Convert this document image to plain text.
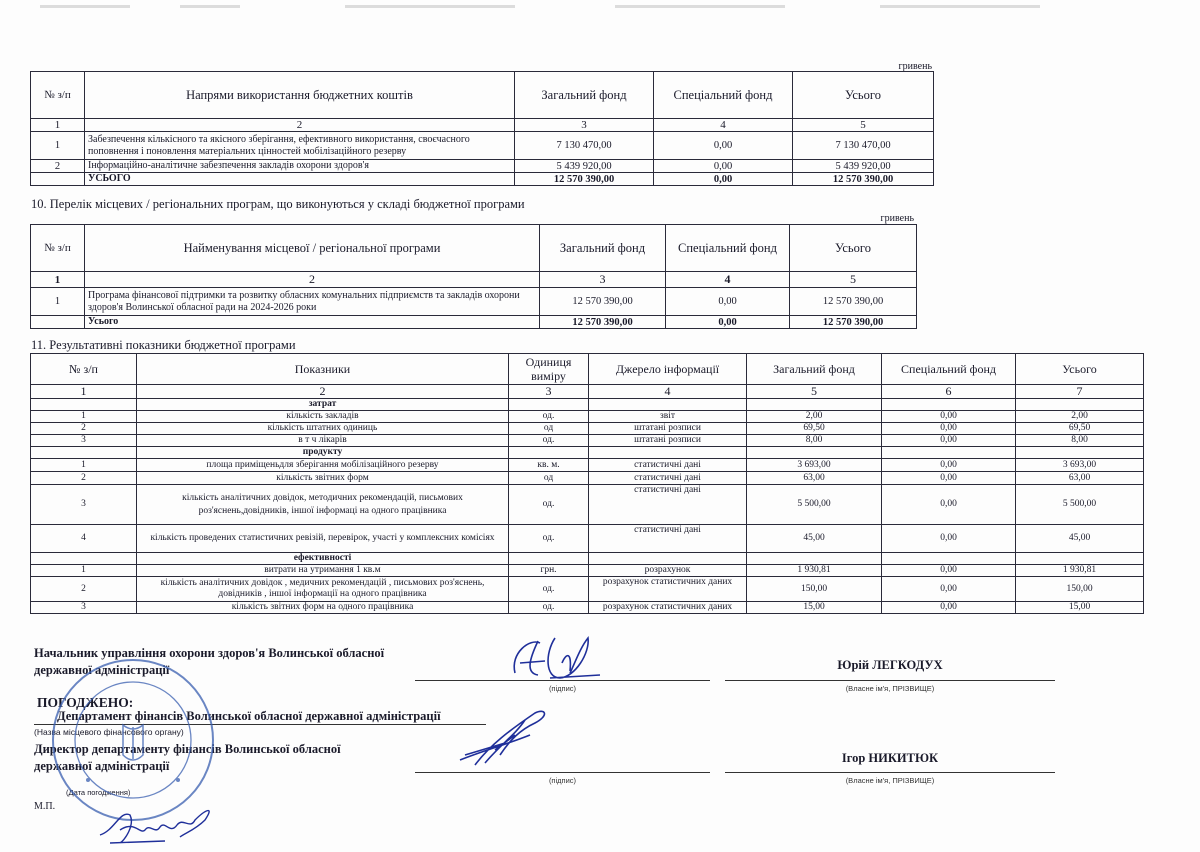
гривень
№ з/п	Напрями використання бюджетних коштів	Загальний фонд	Спеціальний фонд	Усього
1	2	3	4	5
1	Забезпечення кількісного та якісного зберігання, ефективного використання, своєчасного поповнення і поновлення матеріальних цінностей мобілізаційного резерву	7 130 470,00	0,00	7 130 470,00
2	Інформаційно-аналітичне забезпечення закладів охорони здоров'я	5 439 920,00	0,00	5 439 920,00
	УСЬОГО	12 570 390,00	0,00	12 570 390,00
10. Перелік місцевих / регіональних програм, що виконуються у складі бюджетної програми
гривень
№ з/п	Найменування місцевої / регіональної програми	Загальний фонд	Спеціальний фонд	Усього
1	2	3	4	5
1	Програма фінансової підтримки та розвитку обласних комунальних підприємств та закладів охорони здоров'я Волинської обласної ради на 2024-2026 роки	12 570 390,00	0,00	12 570 390,00
	Усього	12 570 390,00	0,00	12 570 390,00
11. Результативні показники бюджетної програми
№ з/п	Показники	Одиниця виміру	Джерело інформації	Загальний фонд	Спеціальний фонд	Усього
1	2	3	4	5	6	7
	затрат					
1	кількість закладів	од.	звіт	2,00	0,00	2,00
2	кількість штатних одиниць	од	штатані розписи	69,50	0,00	69,50
3	в т ч лікарів	од.	штатані розписи	8,00	0,00	8,00
	продукту					
1	площа приміщеньдля зберігання мобілізаційного резерву	кв. м.	статистичні дані	3 693,00	0,00	3 693,00
2	кількість звітних форм	од	статистичні дані	63,00	0,00	63,00
3	кількість аналітичних довідок, методичних рекомендацій, письмових роз'яснень,довідників, іншої інформаці на одного працівника	од.	статистичні дані	5 500,00	0,00	5 500,00
4	кількість проведених статистичних ревізій, перевірок, участі у комплексних комісіях	од.	статистичні дані	45,00	0,00	45,00
	ефективності					
1	витрати на утримання 1 кв.м	грн.	розрахунок	1 930,81	0,00	1 930,81
2	кількість аналітичних довідок , медичних рекомендацій , письмових роз'яснень, довідників , іншої інформації на одного працівника	од.	розрахунок статистичних даних	150,00	0,00	150,00
3	кількість звітних форм на одного працівника	од.	розрахунок статистичних даних	15,00	0,00	15,00
Начальник управління охорони здоров'я Волинської обласної державної адміністрації
(підпис)
Юрій ЛЕГКОДУХ
(Власне ім'я, ПРІЗВИЩЕ)
ПОГОДЖЕНО:
Департамент фінансів Волинської обласної державної адміністрації
(Назва місцевого фінансового органу)
Директор департаменту фінансів Волинської обласної державної адміністрації
(підпис)
Ігор НИКИТЮК
(Власне ім'я, ПРІЗВИЩЕ)
(Дата погодження)
М.П.
